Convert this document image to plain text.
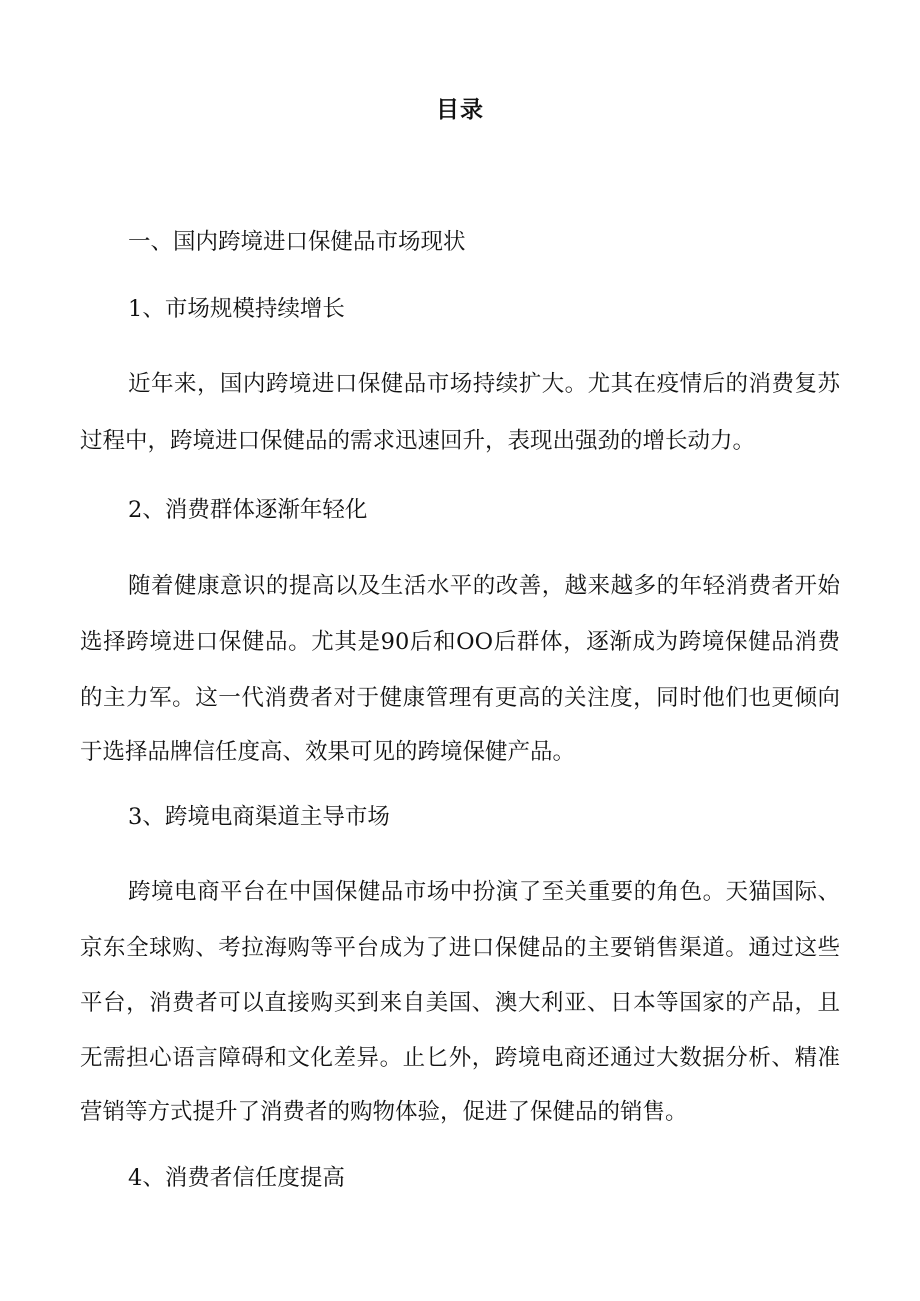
目录
一、国内跨境进口保健品市场现状
1、市场规模持续增长
近年来，国内跨境进口保健品市场持续扩大。尤其在疫情后的消费复苏
过程中，跨境进口保健品的需求迅速回升，表现出强劲的增长动力。
2、消费群体逐渐年轻化
随着健康意识的提高以及生活水平的改善，越来越多的年轻消费者开始
选择跨境进口保健品。尤其是90后和OO后群体，逐渐成为跨境保健品消费
的主力军。这一代消费者对于健康管理有更高的关注度，同时他们也更倾向
于选择品牌信任度高、效果可见的跨境保健产品。
3、跨境电商渠道主导市场
跨境电商平台在中国保健品市场中扮演了至关重要的角色。天猫国际、
京东全球购、考拉海购等平台成为了进口保健品的主要销售渠道。通过这些
平台，消费者可以直接购买到来自美国、澳大利亚、日本等国家的产品，且
无需担心语言障碍和文化差异。止匕外，跨境电商还通过大数据分析、精准
营销等方式提升了消费者的购物体验，促进了保健品的销售。
4、消费者信任度提高
